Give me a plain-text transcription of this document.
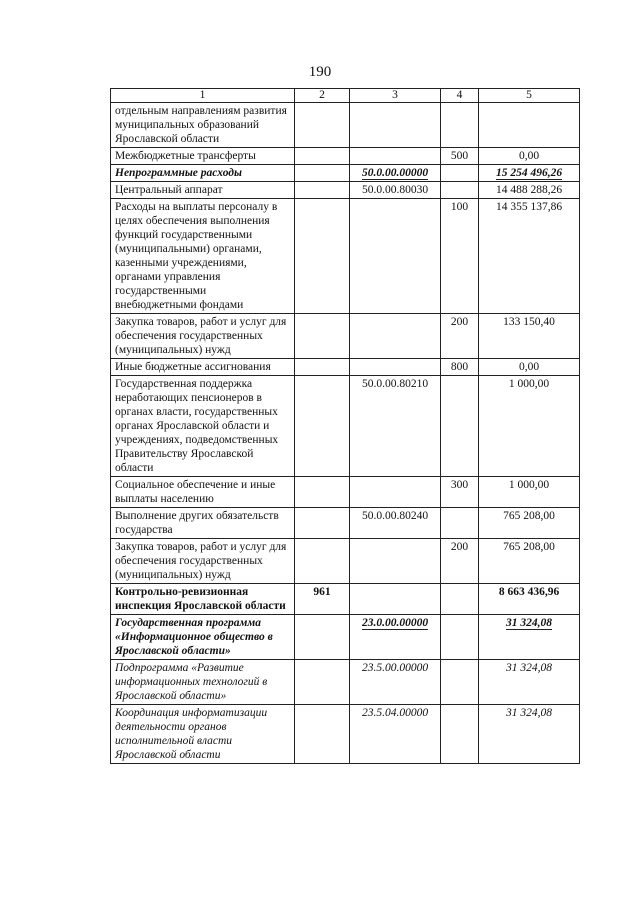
190
1	2	3	4	5
отдельным направлениям развития муниципальных образований Ярославской области				
Межбюджетные трансферты			500	0,00
Непрограммные расходы		50.0.00.00000		15 254 496,26
Центральный аппарат		50.0.00.80030		14 488 288,26
Расходы на выплаты персоналу в целях обеспечения выполнения функций государственными (муниципальными) органами, казенными учреждениями, органами управления государственными внебюджетными фондами			100	14 355 137,86
Закупка товаров, работ и услуг для обеспечения государственных (муниципальных) нужд			200	133 150,40
Иные бюджетные ассигнования			800	0,00
Государственная поддержка неработающих пенсионеров в органах власти, государственных органах Ярославской области и учреждениях, подведомственных Правительству Ярославской области		50.0.00.80210		1 000,00
Социальное обеспечение и иные выплаты населению			300	1 000,00
Выполнение других обязательств государства		50.0.00.80240		765 208,00
Закупка товаров, работ и услуг для обеспечения государственных (муниципальных) нужд			200	765 208,00
Контрольно-ревизионная инспекция Ярославской области	961			8 663 436,96
Государственная программа «Информационное общество в Ярославской области»		23.0.00.00000		31 324,08
Подпрограмма «Развитие информационных технологий в Ярославской области»		23.5.00.00000		31 324,08
Координация информатизации деятельности органов исполнительной власти Ярославской области		23.5.04.00000		31 324,08
